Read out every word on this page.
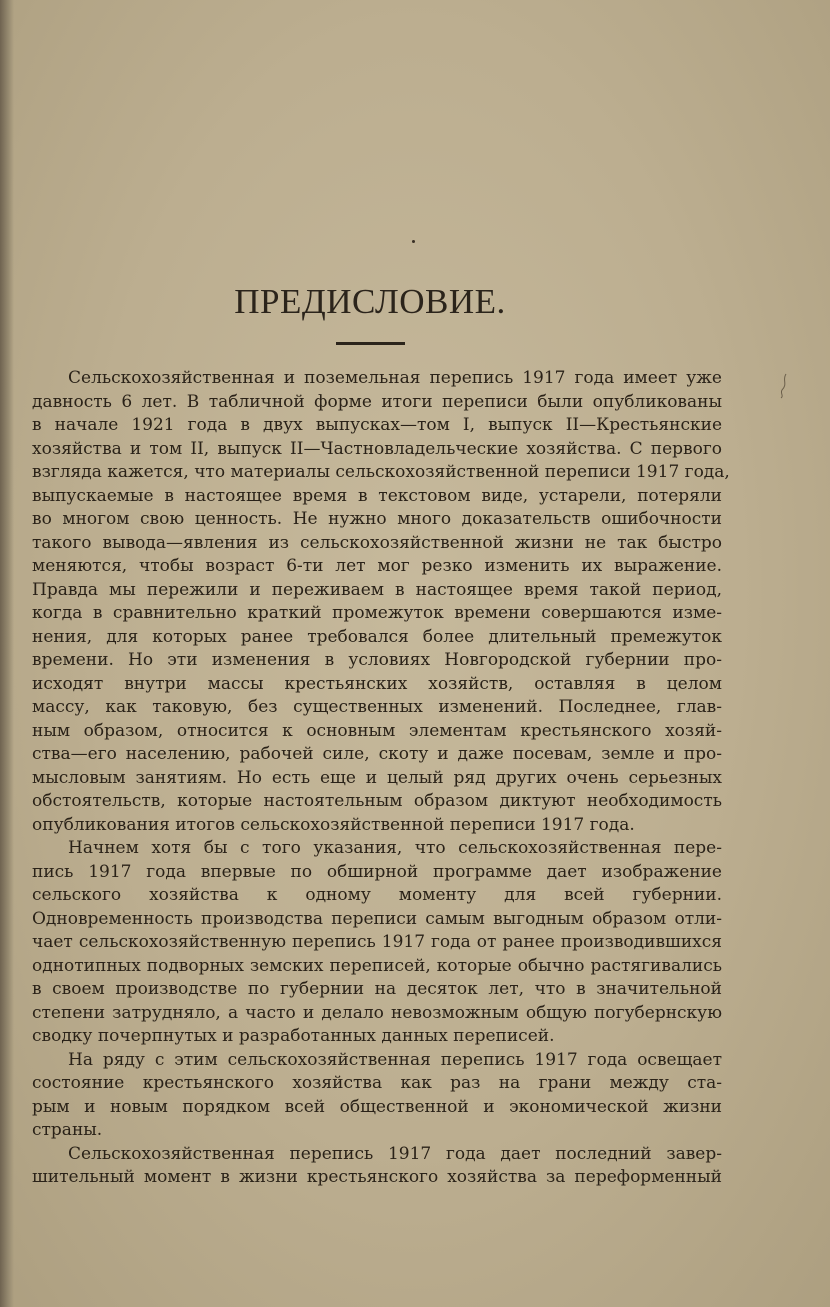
ПРЕДИСЛОВИЕ.
Сельскохозяйственная и поземельная перепись 1917 года имеет уже
давность 6 лет. В табличной форме итоги переписи были опубликованы
в начале 1921 года в двух выпусках—том I, выпуск II—Крестьянские
хозяйства и том II, выпуск II—Частновладельческие хозяйства. С первого
взгляда кажется, что материалы сельскохозяйственной переписи 1917 года,
выпускаемые в настоящее время в текстовом виде, устарели, потеряли
во многом свою ценность. Не нужно много доказательств ошибочности
такого вывода—явления из сельскохозяйственной жизни не так быстро
меняются, чтобы возраст 6-ти лет мог резко изменить их выражение.
Правда мы пережили и переживаем в настоящее время такой период,
когда в сравнительно краткий промежуток времени совершаются изме-
нения, для которых ранее требовался более длительный премежуток
времени. Но эти изменения в условиях Новгородской губернии про-
исходят внутри массы крестьянских хозяйств, оставляя в целом
массу, как таковую, без существенных изменений. Последнее, глав-
ным образом, относится к основным элементам крестьянского хозяй-
ства—его населению, рабочей силе, скоту и даже посевам, земле и про-
мысловым занятиям. Но есть еще и целый ряд других очень серьезных
обстоятельств, которые настоятельным образом диктуют необходимость
опубликования итогов сельскохозяйственной переписи 1917 года.
Начнем хотя бы с того указания, что сельскохозяйственная пере-
пись 1917 года впервые по обширной программе дает изображение
сельского хозяйства к одному моменту для всей губернии.
Одновременность производства переписи самым выгодным образом отли-
чает сельскохозяйственную перепись 1917 года от ранее производившихся
однотипных подворных земских переписей, которые обычно растягивались
в своем производстве по губернии на десяток лет, что в значительной
степени затрудняло, а часто и делало невозможным общую погубернскую
сводку почерпнутых и разработанных данных переписей.
На ряду с этим сельскохозяйственная перепись 1917 года освещает
состояние крестьянского хозяйства как раз на грани между ста-
рым и новым порядком всей общественной и экономической жизни
страны.
Сельскохозяйственная перепись 1917 года дает последний завер-
шительный момент в жизни крестьянского хозяйства за переформенный
